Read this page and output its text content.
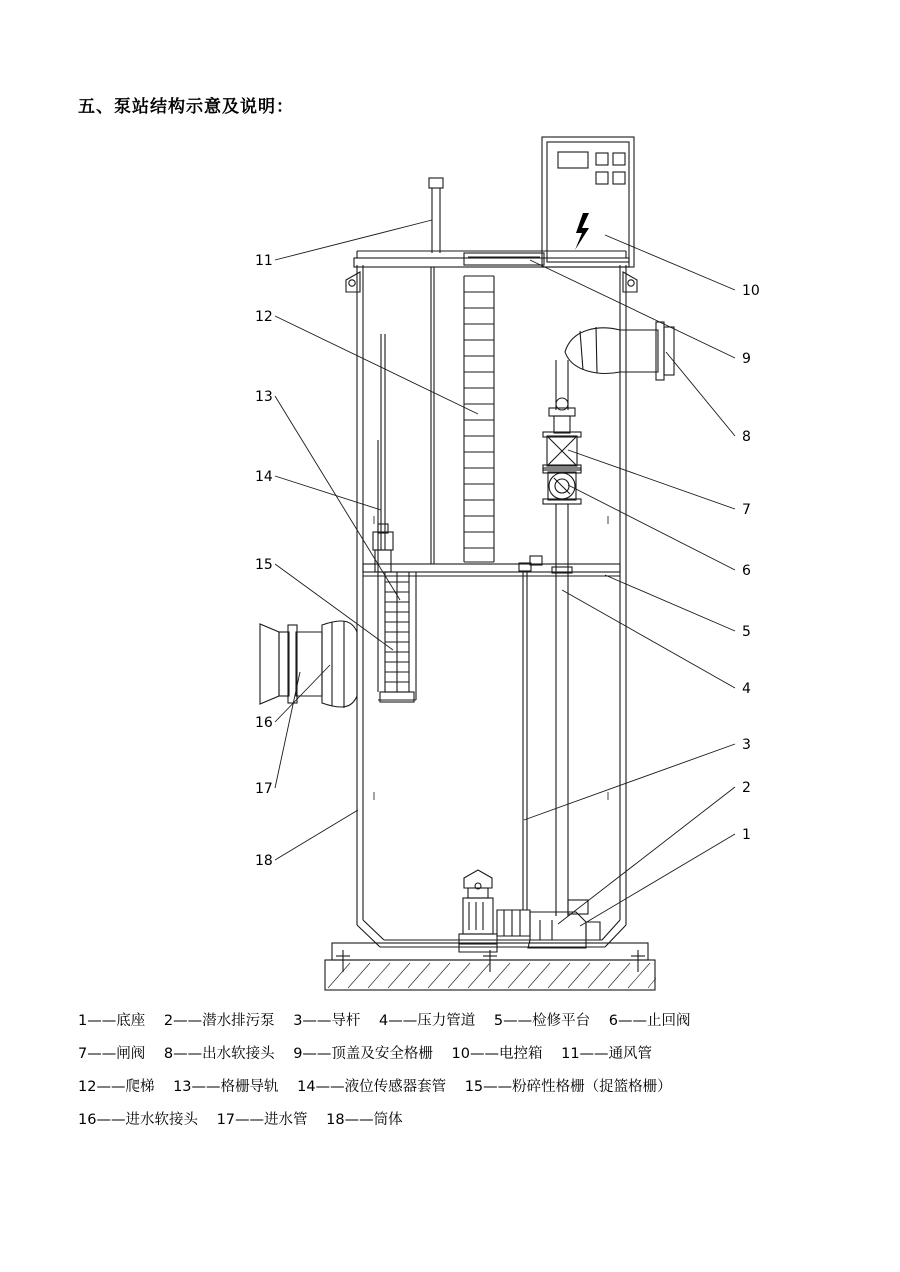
五、泵站结构示意及说明：
11
12
13
14
15
16
17
18
1
2
3
4
5
6
7
8
9
10
1——底座 2——潜水排污泵 3——导杆 4——压力管道 5——检修平台 6——止回阀
7——闸阀 8——出水软接头 9——顶盖及安全格栅 10——电控箱 11——通风管
12——爬梯 13——格栅导轨 14——液位传感器套管 15——粉碎性格栅（捉篮格栅）
16——进水软接头 17——进水管 18——筒体
